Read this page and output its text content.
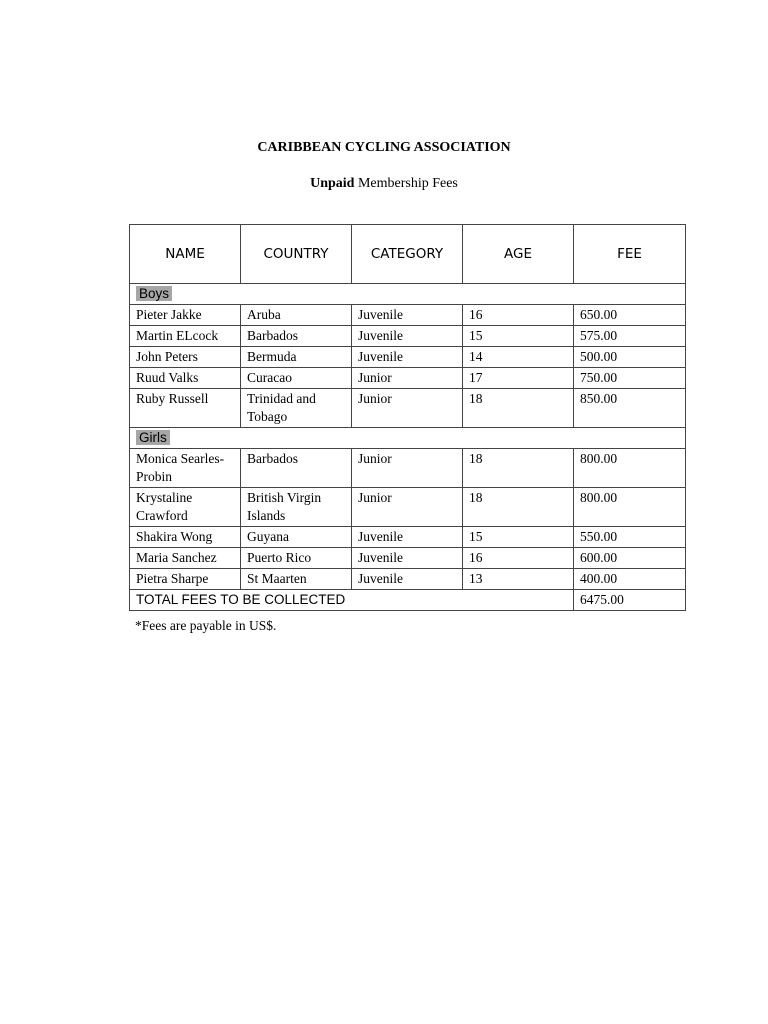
CARIBBEAN CYCLING ASSOCIATION

Unpaid Membership Fees

NAME	COUNTRY	CATEGORY	AGE	FEE
Boys				
Pieter Jakke	Aruba	Juvenile	16	650.00
Martin ELcock	Barbados	Juvenile	15	575.00
John Peters	Bermuda	Juvenile	14	500.00
Ruud Valks	Curacao	Junior	17	750.00
Ruby Russell	Trinidad and Tobago	Junior	18	850.00
Girls				
Monica Searles-Probin	Barbados	Junior	18	800.00
Krystaline Crawford	British Virgin Islands	Junior	18	800.00
Shakira Wong	Guyana	Juvenile	15	550.00
Maria Sanchez	Puerto Rico	Juvenile	16	600.00
Pietra Sharpe	St Maarten	Juvenile	13	400.00
TOTAL FEES TO BE COLLECTED				6475.00

*Fees are payable in US$.
